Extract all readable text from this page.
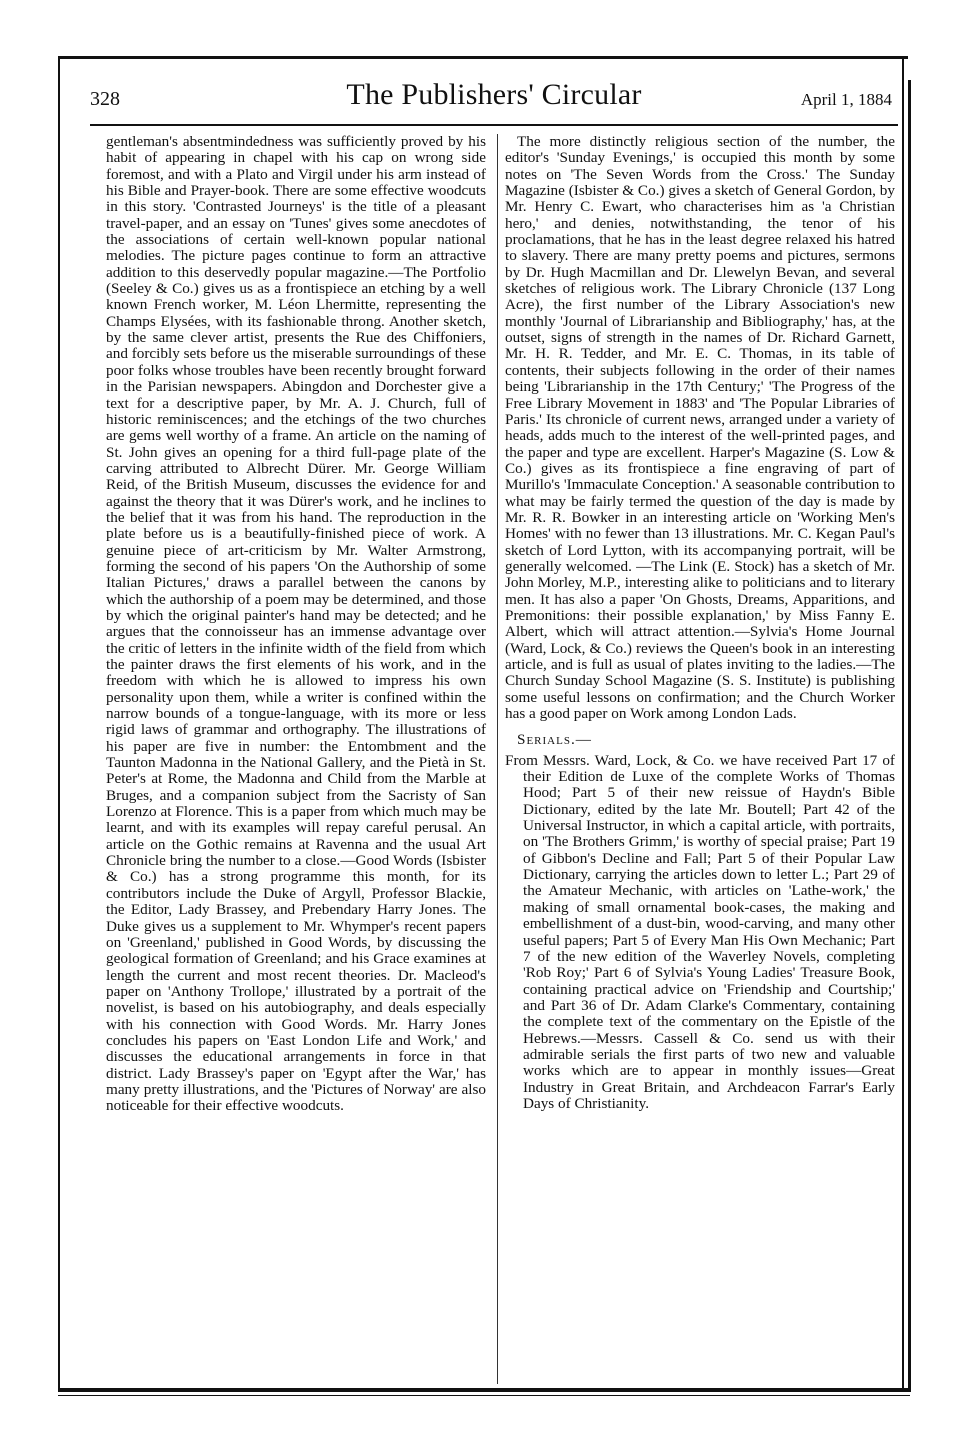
328	The Publishers' Circular	April 1, 1884

gentleman's absentmindedness was sufficiently proved by his habit of appearing in chapel with his cap on wrong side foremost, and with a Plato and Virgil under his arm instead of his Bible and Prayer-book. There are some effective woodcuts in this story. 'Contrasted Journeys' is the title of a pleasant travel-paper, and an essay on 'Tunes' gives some anecdotes of the associations of certain well-known popular national melodies. The picture pages continue to form an attractive addition to this deservedly popular magazine.—The Portfolio (Seeley & Co.) gives us as a frontispiece an etching by a well known French worker, M. Léon Lhermitte, representing the Champs Elysées, with its fashionable throng. Another sketch, by the same clever artist, presents the Rue des Chiffoniers, and forcibly sets before us the miserable surroundings of these poor folks whose troubles have been recently brought forward in the Parisian newspapers. Abingdon and Dorchester give a text for a descriptive paper, by Mr. A. J. Church, full of historic reminiscences; and the etchings of the two churches are gems well worthy of a frame. An article on the naming of St. John gives an opening for a third full-page plate of the carving attributed to Albrecht Dürer. Mr. George William Reid, of the British Museum, discusses the evidence for and against the theory that it was Dürer's work, and he inclines to the belief that it was from his hand. The reproduction in the plate before us is a beautifully-finished piece of work. A genuine piece of art-criticism by Mr. Walter Armstrong, forming the second of his papers 'On the Authorship of some Italian Pictures,' draws a parallel between the canons by which the authorship of a poem may be determined, and those by which the original painter's hand may be detected; and he argues that the connoisseur has an immense advantage over the critic of letters in the infinite width of the field from which the painter draws the first elements of his work, and in the freedom with which he is allowed to impress his own personality upon them, while a writer is confined within the narrow bounds of a tongue-language, with its more or less rigid laws of grammar and orthography. The illustrations of his paper are five in number: the Entombment and the Taunton Madonna in the National Gallery, and the Pietà in St. Peter's at Rome, the Madonna and Child from the Marble at Bruges, and a companion subject from the Sacristy of San Lorenzo at Florence. This is a paper from which much may be learnt, and with its examples will repay careful perusal. An article on the Gothic remains at Ravenna and the usual Art Chronicle bring the number to a close.—Good Words (Isbister & Co.) has a strong programme this month, for its contributors include the Duke of Argyll, Professor Blackie, the Editor, Lady Brassey, and Prebendary Harry Jones. The Duke gives us a supplement to Mr. Whymper's recent papers on 'Greenland,' published in Good Words, by discussing the geological formation of Greenland; and his Grace examines at length the current and most recent theories. Dr. Macleod's paper on 'Anthony Trollope,' illustrated by a portrait of the novelist, is based on his autobiography, and deals especially with his connection with Good Words. Mr. Harry Jones concludes his papers on 'East London Life and Work,' and discusses the educational arrangements in force in that district. Lady Brassey's paper on 'Egypt after the War,' has many pretty illustrations, and the 'Pictures of Norway' are also noticeable for their effective woodcuts.

The more distinctly religious section of the number, the editor's 'Sunday Evenings,' is occupied this month by some notes on 'The Seven Words from the Cross.' The Sunday Magazine (Isbister & Co.) gives a sketch of General Gordon, by Mr. Henry C. Ewart, who characterises him as 'a Christian hero,' and denies, notwithstanding, the tenor of his proclamations, that he has in the least degree relaxed his hatred to slavery. There are many pretty poems and pictures, sermons by Dr. Hugh Macmillan and Dr. Llewelyn Bevan, and several sketches of religious work. The Library Chronicle (137 Long Acre), the first number of the Library Association's new monthly 'Journal of Librarianship and Bibliography,' has, at the outset, signs of strength in the names of Dr. Richard Garnett, Mr. H. R. Tedder, and Mr. E. C. Thomas, in its table of contents, their subjects following in the order of their names being 'Librarianship in the 17th Century;' 'The Progress of the Free Library Movement in 1883' and 'The Popular Libraries of Paris.' Its chronicle of current news, arranged under a variety of heads, adds much to the interest of the well-printed pages, and the paper and type are excellent. Harper's Magazine (S. Low & Co.) gives as its frontispiece a fine engraving of part of Murillo's 'Immaculate Conception.' A seasonable contribution to what may be fairly termed the question of the day is made by Mr. R. R. Bowker in an interesting article on 'Working Men's Homes' with no fewer than 13 illustrations. Mr. C. Kegan Paul's sketch of Lord Lytton, with its accompanying portrait, will be generally welcomed. —The Link (E. Stock) has a sketch of Mr. John Morley, M.P., interesting alike to politicians and to literary men. It has also a paper 'On Ghosts, Dreams, Apparitions, and Premonitions: their possible explanation,' by Miss Fanny E. Albert, which will attract attention.—Sylvia's Home Journal (Ward, Lock, & Co.) reviews the Queen's book in an interesting article, and is full as usual of plates inviting to the ladies.—The Church Sunday School Magazine (S. S. Institute) is publishing some useful lessons on confirmation; and the Church Worker has a good paper on Work among London Lads.

Serials.—

From Messrs. Ward, Lock, & Co. we have received Part 17 of their Edition de Luxe of the complete Works of Thomas Hood; Part 5 of their new reissue of Haydn's Bible Dictionary, edited by the late Mr. Boutell; Part 42 of the Universal Instructor, in which a capital article, with portraits, on 'The Brothers Grimm,' is worthy of special praise; Part 19 of Gibbon's Decline and Fall; Part 5 of their Popular Law Dictionary, carrying the articles down to letter L.; Part 29 of the Amateur Mechanic, with articles on 'Lathe-work,' the making of small ornamental book-cases, the making and embellishment of a dust-bin, wood-carving, and many other useful papers; Part 5 of Every Man His Own Mechanic; Part 7 of the new edition of the Waverley Novels, completing 'Rob Roy;' Part 6 of Sylvia's Young Ladies' Treasure Book, containing practical advice on 'Friendship and Courtship;' and Part 36 of Dr. Adam Clarke's Commentary, containing the complete text of the commentary on the Epistle of the Hebrews.—Messrs. Cassell & Co. send us with their admirable serials the first parts of two new and valuable works which are to appear in monthly issues—Great Industry in Great Britain, and Archdeacon Farrar's Early Days of Christianity.
